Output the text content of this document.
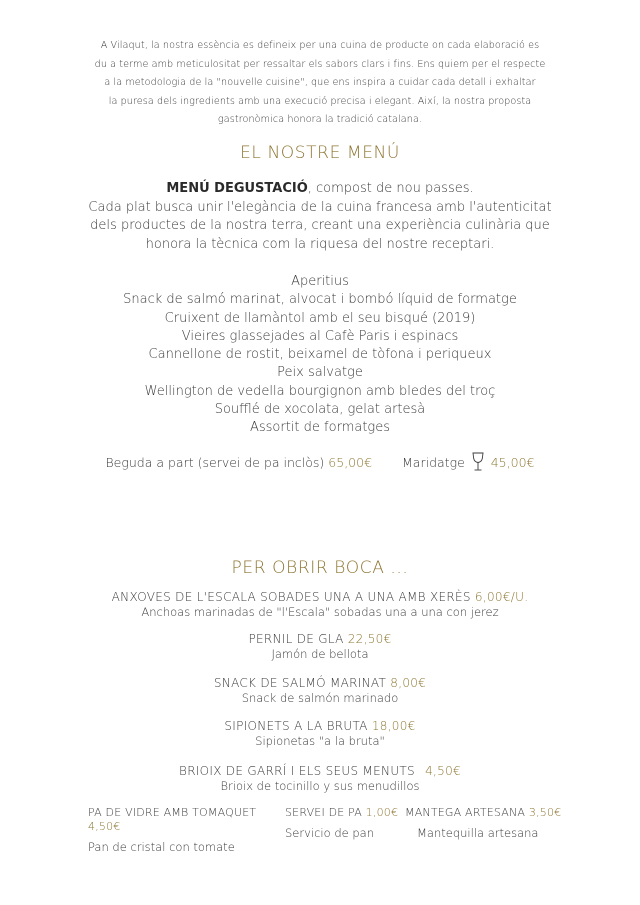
A Vilaqut, la nostra essència es defineix per una cuina de producte on cada elaboració es
du a terme amb meticulositat per ressaltar els sabors clars i fins. Ens quiem per el respecte
a la metodologia de la "nouvelle cuisine", que ens inspira a cuidar cada detall i exhaltar
la puresa dels ingredients amb una execució precisa i elegant. Així, la nostra proposta
gastronòmica honora la tradició catalana.
EL NOSTRE MENÚ
MENÚ DEGUSTACIÓ, compost de nou passes.
Cada plat busca unir l'elegància de la cuina francesa amb l'autenticitat
dels productes de la nostra terra, creant una experiència culinària que
honora la tècnica com la riquesa del nostre receptari.
Aperitius
Snack de salmó marinat, alvocat i bombó líquid de formatge
Cruixent de llamàntol amb el seu bisqué (2019)
Vieires glassejades al Cafè Paris i espinacs
Cannellone de rostit, beixamel de tòfona i periqueux
Peix salvatge
Wellington de vedella bourgignon amb bledes del troç
Soufflé de xocolata, gelat artesà
Assortit de formatges
Beguda a part (servei de pa inclòs) 65,00€ Maridatge 45,00€
PER OBRIR BOCA ...
ANXOVES DE L'ESCALA SOBADES UNA A UNA AMB XERÈS 6,00€/U.
Anchoas marinadas de "l'Escala" sobadas una a una con jerez
PERNIL DE GLA 22,50€
Jamón de bellota
SNACK DE SALMÓ MARINAT 8,00€
Snack de salmón marinado
SIPIONETS A LA BRUTA 18,00€
Sipionetas "a la bruta"
BRIOIX DE GARRÍ I ELS SEUS MENUTS 4,50€
Brioix de tocinillo y sus menudillos
PA DE VIDRE AMB TOMAQUET 4,50€
Pan de cristal con tomate
SERVEI DE PA 1,00€
Servicio de pan
MANTEGA ARTESANA 3,50€
Mantequilla artesana
